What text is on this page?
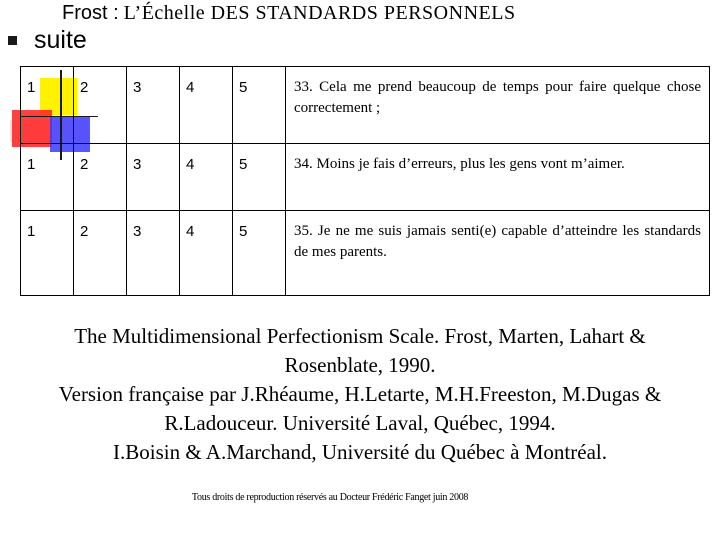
Frost : L’Échelle DES STANDARDS PERSONNELS
suite
1	2	3	4	5	33. Cela me prend beaucoup de temps pour faire quelque chose correctement ;
1	2	3	4	5	34. Moins je fais d’erreurs, plus les gens vont m’aimer.
1	2	3	4	5	35. Je ne me suis jamais senti(e) capable d’atteindre les standards de mes parents.
The Multidimensional Perfectionism Scale. Frost, Marten, Lahart &
Rosenblate, 1990.
Version française par J.Rhéaume, H.Letarte, M.H.Freeston, M.Dugas &
R.Ladouceur. Université Laval, Québec, 1994.
I.Boisin & A.Marchand, Université du Québec à Montréal.
Tous droits de reproduction réservés au Docteur Frédéric Fanget juin 2008
